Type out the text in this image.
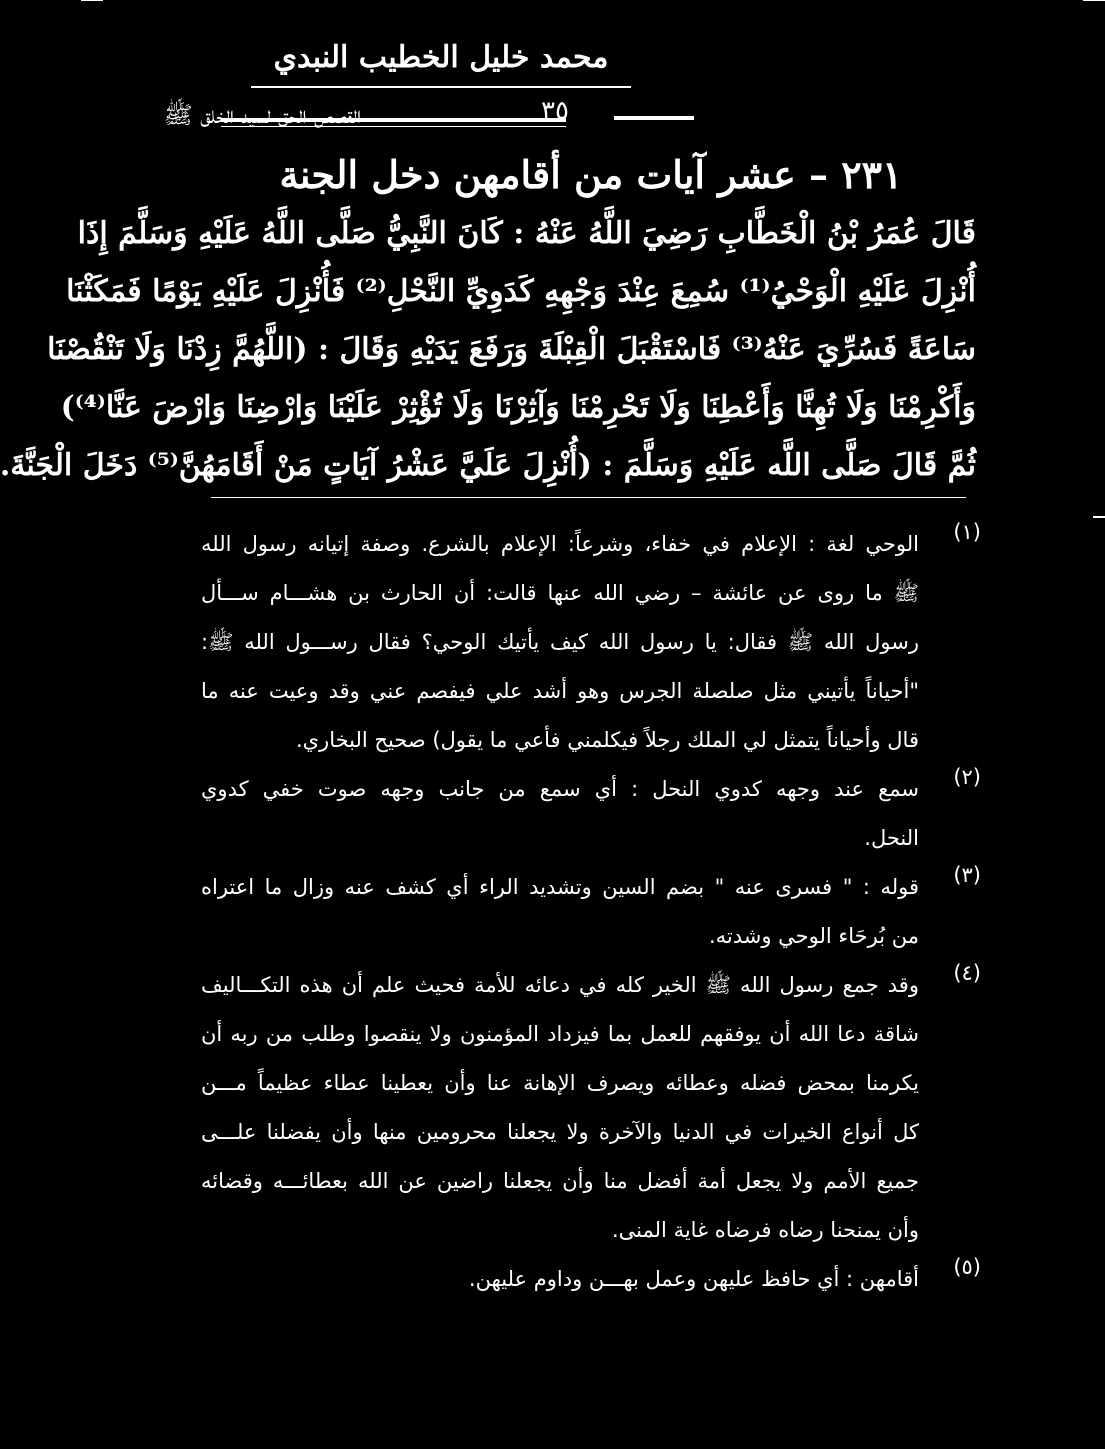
محمد خليل الخطيب النبدي
٣٥
القصص الحق لسيد الخلق ﷺ
٢٣١ – عشر آيات من أقامهن دخل الجنة

قَالَ عُمَرُ بْنُ الْخَطَّابِ رَضِيَ اللَّهُ عَنْهُ : كَانَ النَّبِيُّ صَلَّى اللَّهُ عَلَيْهِ وَسَلَّمَ إِذَا

أُنْزِلَ عَلَيْهِ الْوَحْيُ⁽¹⁾ سُمِعَ عِنْدَ وَجْهِهِ كَدَوِيِّ النَّحْلِ⁽²⁾ فَأُنْزِلَ عَلَيْهِ يَوْمًا فَمَكَثْنَا

سَاعَةً فَسُرِّيَ عَنْهُ⁽³⁾ فَاسْتَقْبَلَ الْقِبْلَةَ وَرَفَعَ يَدَيْهِ وَقَالَ : (اللَّهُمَّ زِدْنَا وَلَا تَنْقُصْنَا

وَأَكْرِمْنَا وَلَا تُهِنَّا وَأَعْطِنَا وَلَا تَحْرِمْنَا وَآثِرْنَا وَلَا تُؤْثِرْ عَلَيْنَا وَارْضِنَا وَارْضَ عَنَّا⁽⁴⁾)

ثُمَّ قَالَ صَلَّى اللَّه عَلَيْهِ وَسَلَّمَ : (أُنْزِلَ عَلَيَّ عَشْرُ آيَاتٍ مَنْ أَقَامَهُنَّ⁽⁵⁾ دَخَلَ الْجَنَّةَ.

(١)
الوحي لغة : الإعلام في خفاء، وشرعاً: الإعلام بالشرع. وصفة إتيانه رسول الله
ﷺ ما روى عن عائشة – رضي الله عنها قالت: أن الحارث بن هشـــام ســـأل
رسول الله ﷺ فقال: يا رسول الله كيف يأتيك الوحي؟ فقال رســـول الله ﷺ:
"أحياناً يأتيني مثل صلصلة الجرس وهو أشد علي فيفصم عني وقد وعيت عنه ما
قال وأحياناً يتمثل لي الملك رجلاً فيكلمني فأعي ما يقول) صحيح البخاري.
(٢)
سمع عند وجهه كدوي النحل : أي سمع من جانب وجهه صوت خفي كدوي
النحل.
(٣)
قوله : " فسرى عنه " بضم السين وتشديد الراء أي كشف عنه وزال ما اعتراه
من بُرحَاء الوحي وشدته.
(٤)
وقد جمع رسول الله ﷺ الخير كله في دعائه للأمة فحيث علم أن هذه التكـــاليف
شاقة دعا الله أن يوفقهم للعمل بما فيزداد المؤمنون ولا ينقصوا وطلب من ربه أن
يكرمنا بمحض فضله وعطائه ويصرف الإهانة عنا وأن يعطينا عطاء عظيماً مـــن
كل أنواع الخيرات في الدنيا والآخرة ولا يجعلنا محرومين منها وأن يفضلنا علـــى
جميع الأمم ولا يجعل أمة أفضل منا وأن يجعلنا راضين عن الله بعطائـــه وقضائه
وأن يمنحنا رضاه فرضاه غاية المنى.
(٥)
أقامهن : أي حافظ عليهن وعمل بهـــن وداوم عليهن.
